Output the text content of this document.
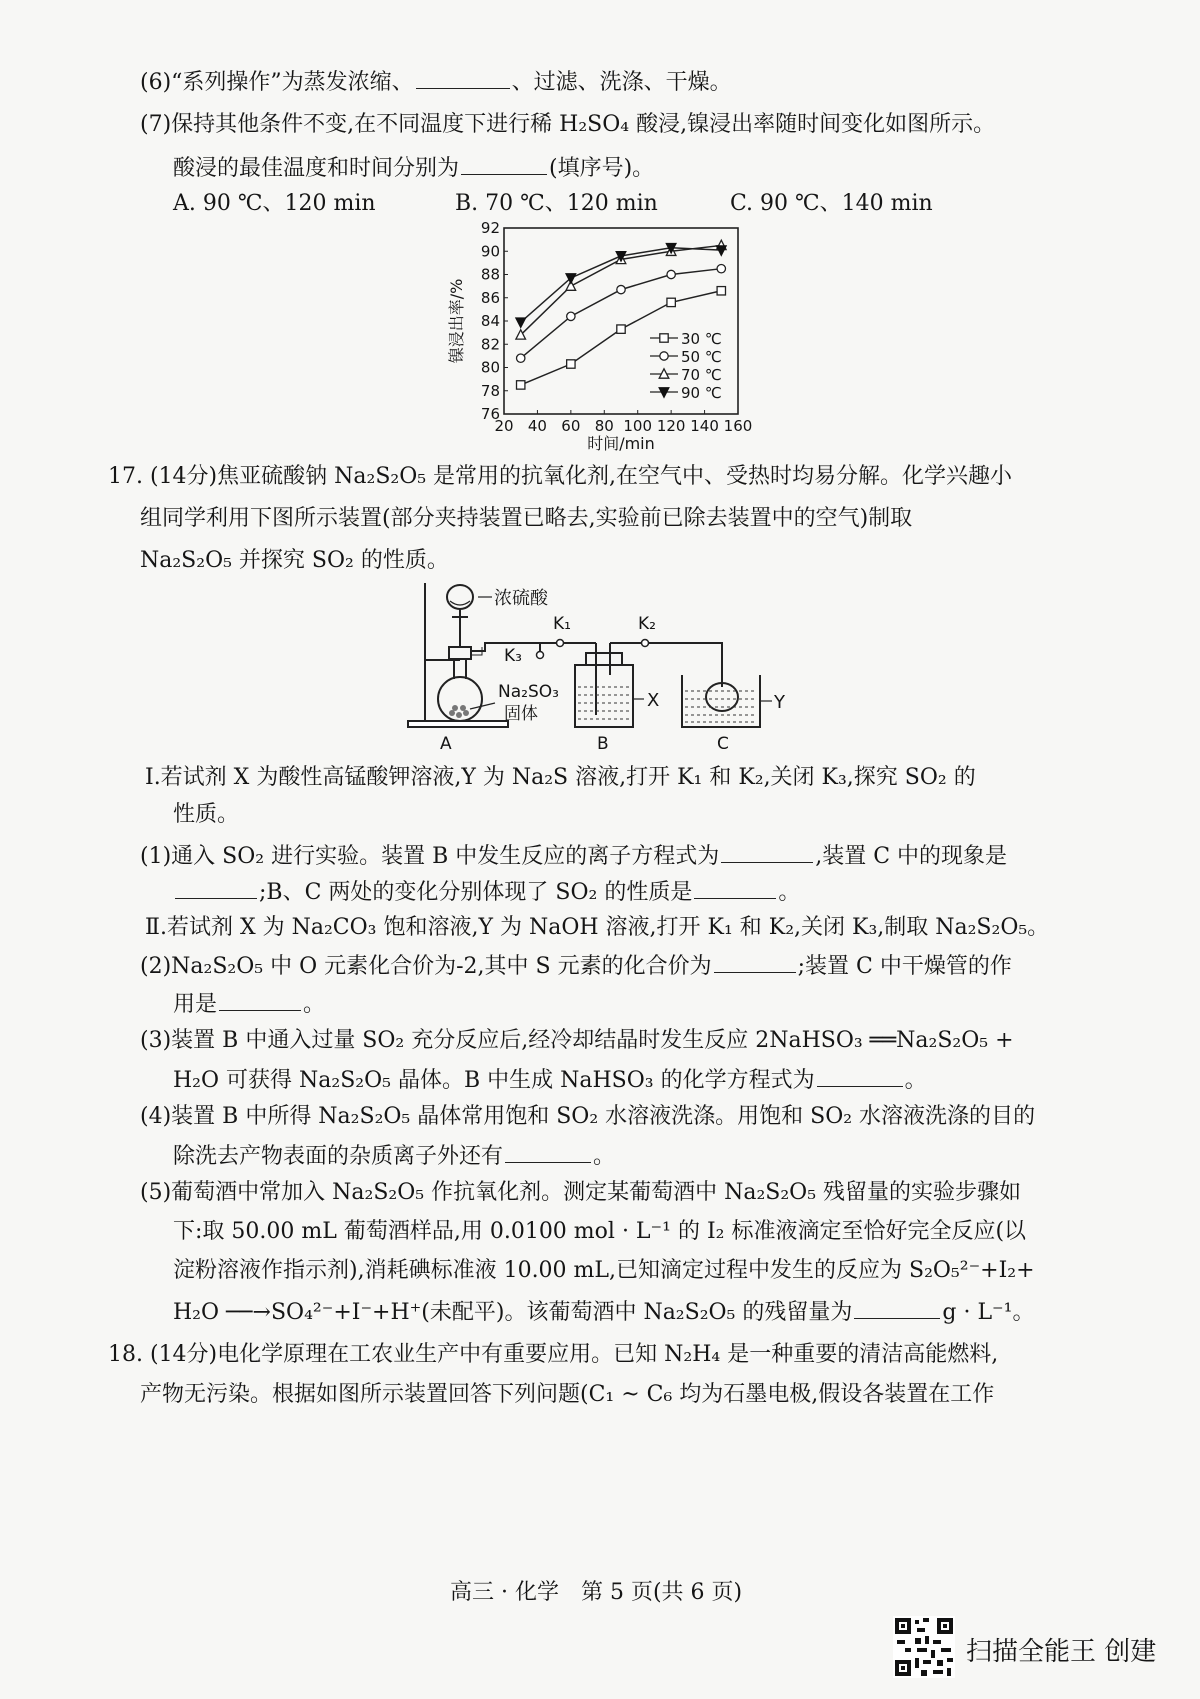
(6)“系列操作”为蒸发浓缩、	、过滤、洗涤、干燥。
(7)保持其他条件不变,在不同温度下进行稀 H₂SO₄ 酸浸,镍浸出率随时间变化如图所示。
酸浸的最佳温度和时间分别为	(填序号)。
A. 90 ℃、120 min	B. 70 ℃、120 min	C. 90 ℃、140 min
76
78
80
82
84
86
88
90
92
20 40 60 80 100 120 140 160
镍浸出率/%
时间/min
30 ℃
50 ℃
70 ℃
90 ℃
17. (14分)焦亚硫酸钠 Na₂S₂O₅ 是常用的抗氧化剂,在空气中、受热时均易分解。化学兴趣小
组同学利用下图所示装置(部分夹持装置已略去,实验前已除去装置中的空气)制取
Na₂S₂O₅ 并探究 SO₂ 的性质。
浓硫酸
K₁	K₂
K₃
Na₂SO₃
固体
X	Y
A	B	C
Ⅰ.若试剂 X 为酸性高锰酸钾溶液,Y 为 Na₂S 溶液,打开 K₁ 和 K₂,关闭 K₃,探究 SO₂ 的
性质。
(1)通入 SO₂ 进行实验。装置 B 中发生反应的离子方程式为	,装置 C 中的现象是
;B、C 两处的变化分别体现了 SO₂ 的性质是	。
Ⅱ.若试剂 X 为 Na₂CO₃ 饱和溶液,Y 为 NaOH 溶液,打开 K₁ 和 K₂,关闭 K₃,制取 Na₂S₂O₅。
(2)Na₂S₂O₅ 中 O 元素化合价为-2,其中 S 元素的化合价为	;装置 C 中干燥管的作
用是	。
(3)装置 B 中通入过量 SO₂ 充分反应后,经冷却结晶时发生反应 2NaHSO₃ ══Na₂S₂O₅ +
H₂O 可获得 Na₂S₂O₅ 晶体。B 中生成 NaHSO₃ 的化学方程式为	。
(4)装置 B 中所得 Na₂S₂O₅ 晶体常用饱和 SO₂ 水溶液洗涤。用饱和 SO₂ 水溶液洗涤的目的
除洗去产物表面的杂质离子外还有	。
(5)葡萄酒中常加入 Na₂S₂O₅ 作抗氧化剂。测定某葡萄酒中 Na₂S₂O₅ 残留量的实验步骤如
下:取 50.00 mL 葡萄酒样品,用 0.0100 mol · L⁻¹ 的 I₂ 标准液滴定至恰好完全反应(以
淀粉溶液作指示剂),消耗碘标准液 10.00 mL,已知滴定过程中发生的反应为 S₂O₅²⁻+I₂+
H₂O ──→SO₄²⁻+I⁻+H⁺(未配平)。该葡萄酒中 Na₂S₂O₅ 的残留量为	g · L⁻¹。
18. (14分)电化学原理在工农业生产中有重要应用。已知 N₂H₄ 是一种重要的清洁高能燃料,
产物无污染。根据如图所示装置回答下列问题(C₁ ~ C₆ 均为石墨电极,假设各装置在工作
高三 · 化学　第 5 页(共 6 页)
扫描全能王 创建
